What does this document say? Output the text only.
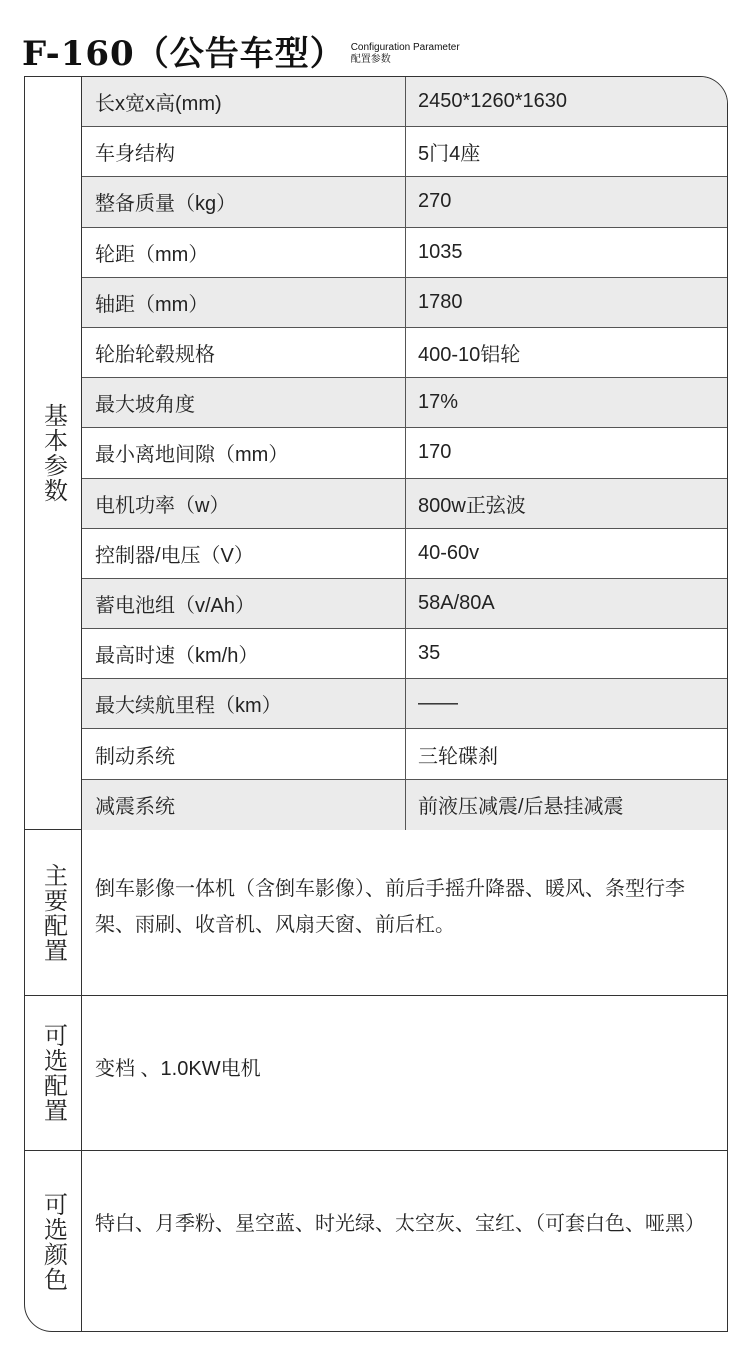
F-160（公告车型） Configuration Parameter
配置参数
基本参数
长x宽x高(mm)	2450*1260*1630
车身结构	5门4座
整备质量（kg）	270
轮距（mm）	1035
轴距（mm）	1780
轮胎轮毂规格	400-10铝轮
最大坡角度	17%
最小离地间隙（mm）	170
电机功率（w）	800w正弦波
控制器/电压（V）	40-60v
蓄电池组（v/Ah）	58A/80A
最高时速（km/h）	35
最大续航里程（km）	——
制动系统	三轮碟刹
减震系统	前液压减震/后悬挂减震
主要配置 倒车影像一体机（含倒车影像）、前后手摇升降器、暖风、条型行李架、雨刷、收音机、风扇天窗、前后杠。
可选配置 变档 、1.0KW电机
可选颜色 特白、月季粉、星空蓝、时光绿、太空灰、宝红、（可套白色、哑黑）
